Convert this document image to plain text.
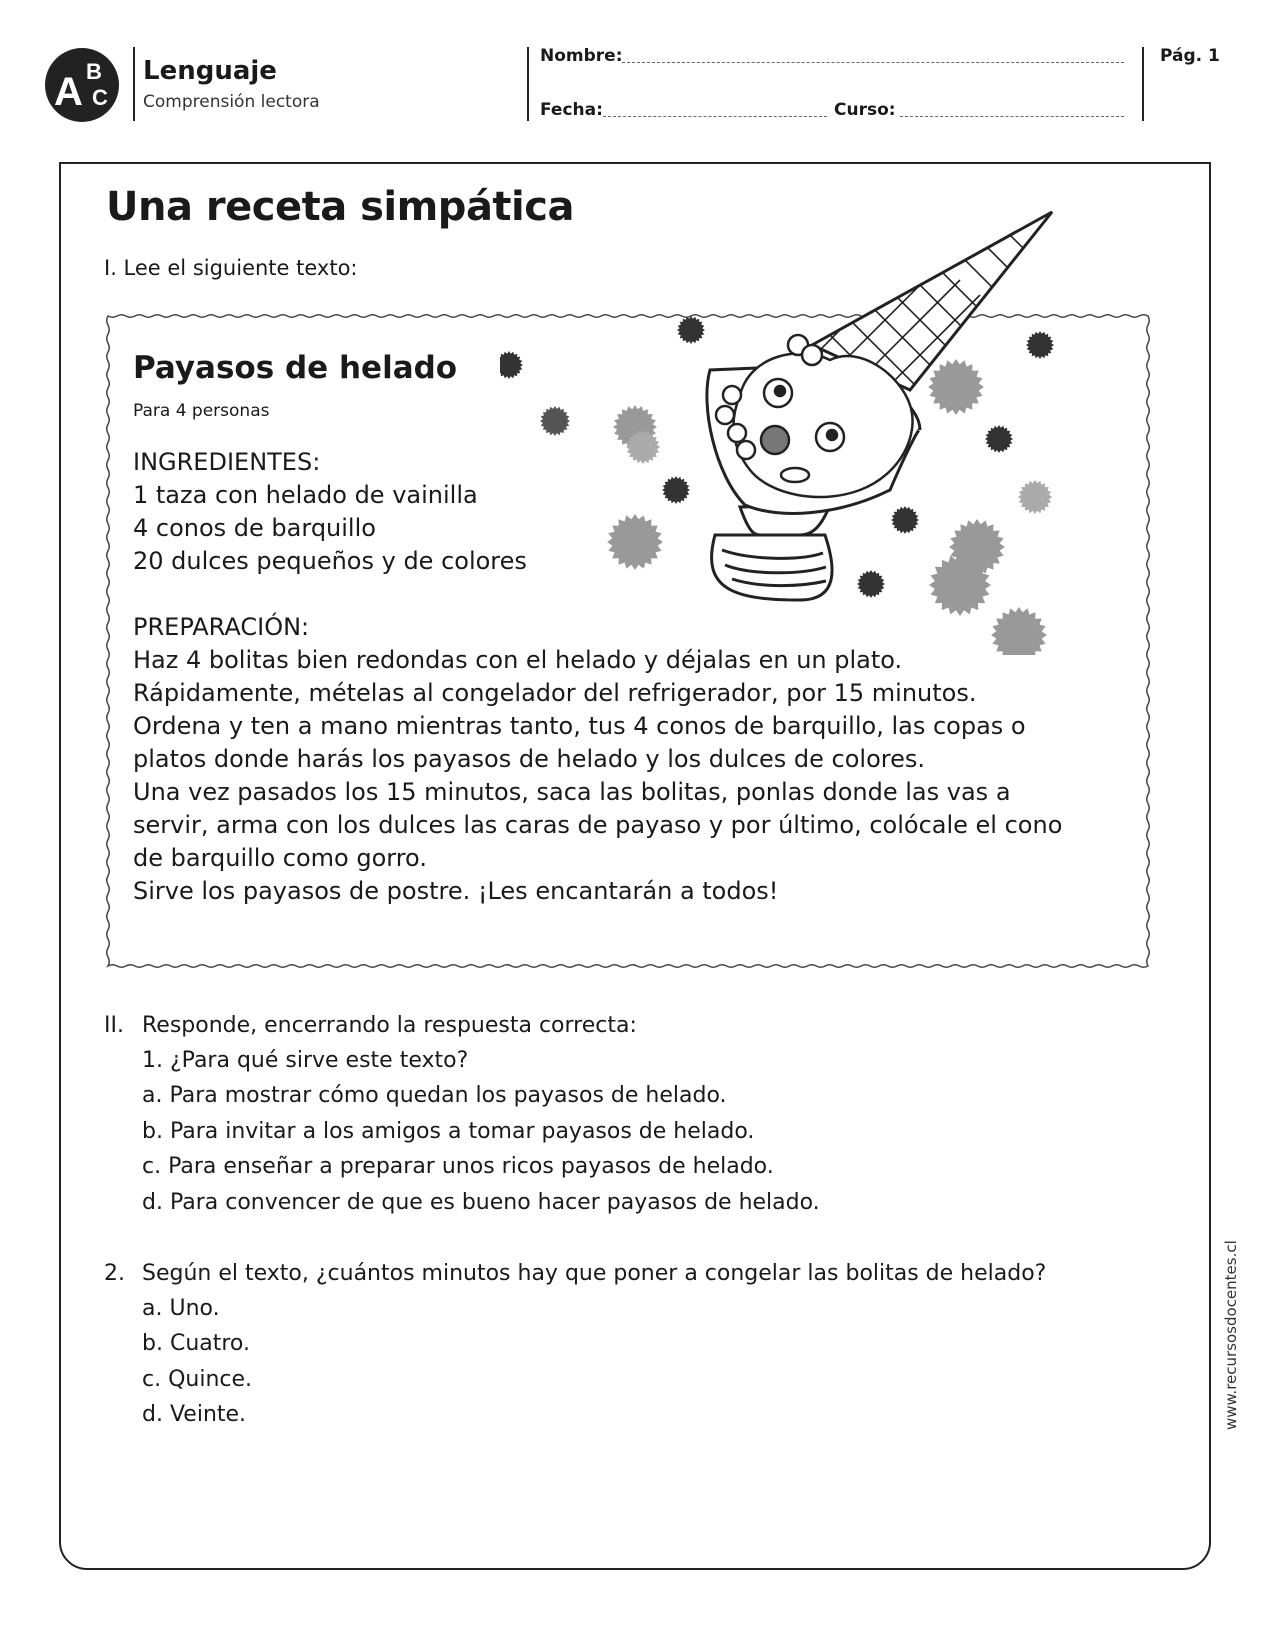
A B
C
Lenguaje
Comprensión lectora
Nombre:
Fecha:	Curso:
Pág. 1
Una receta simpática
I. Lee el siguiente texto:
Payasos de helado
Para 4 personas
INGREDIENTES:
1 taza con helado de vainilla
4 conos de barquillo
20 dulces pequeños y de colores
PREPARACIÓN:
Haz 4 bolitas bien redondas con el helado y déjalas en un plato.
Rápidamente, mételas al congelador del refrigerador, por 15 minutos.
Ordena y ten a mano mientras tanto, tus 4 conos de barquillo, las copas o
platos donde harás los payasos de helado y los dulces de colores.
Una vez pasados los 15 minutos, saca las bolitas, ponlas donde las vas a
servir, arma con los dulces las caras de payaso y por último, colócale el cono
de barquillo como gorro.
Sirve los payasos de postre. ¡Les encantarán a todos!
II. Responde, encerrando la respuesta correcta:
1. ¿Para qué sirve este texto?
a. Para mostrar cómo quedan los payasos de helado.
b. Para invitar a los amigos a tomar payasos de helado.
c. Para enseñar a preparar unos ricos payasos de helado.
d. Para convencer de que es bueno hacer payasos de helado.
2. Según el texto, ¿cuántos minutos hay que poner a congelar las bolitas de helado?
a. Uno.
b. Cuatro.
c. Quince.
d. Veinte.	www.recursosdocentes.cl
